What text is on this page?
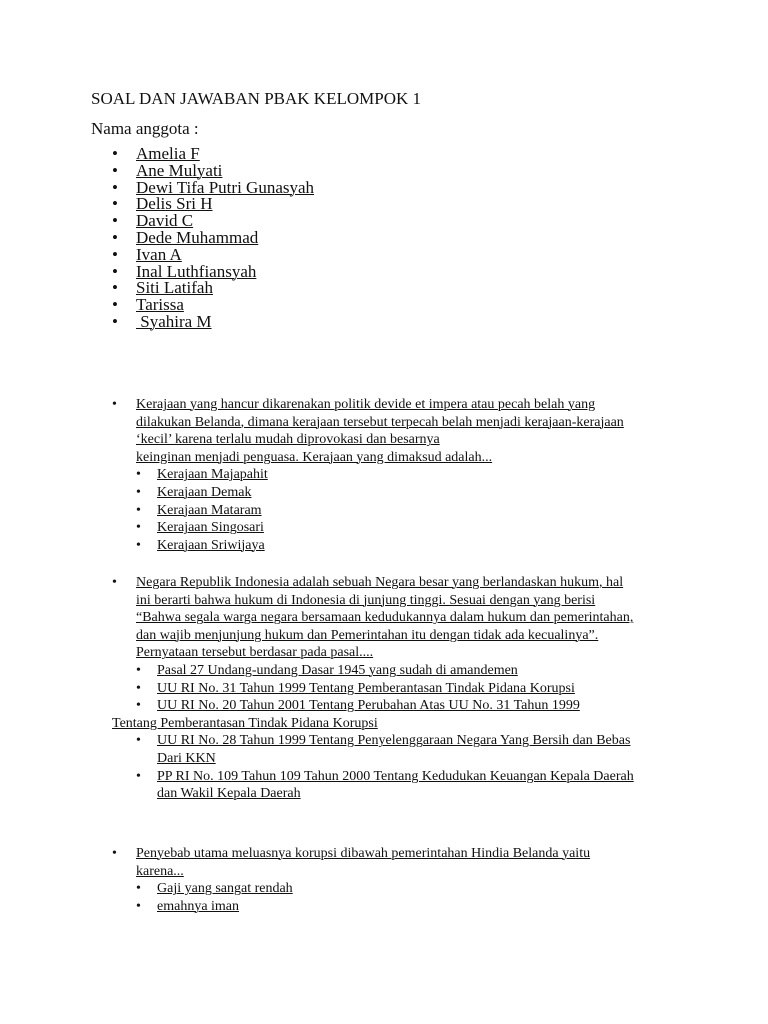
SOAL DAN JAWABAN PBAK KELOMPOK 1
Nama anggota :
• Amelia F
• Ane Mulyati
• Dewi Tifa Putri Gunasyah
• Delis Sri H
• David C
• Dede Muhammad
• Ivan A
• Inal Luthfiansyah
• Siti Latifah
• Tarissa
• Syahira M
• Kerajaan yang hancur dikarenakan politik devide et impera atau pecah belah yang
dilakukan Belanda, dimana kerajaan tersebut terpecah belah menjadi kerajaan-kerajaan
‘kecil’ karena terlalu mudah diprovokasi dan besarnya
keinginan menjadi penguasa. Kerajaan yang dimaksud adalah...
• Kerajaan Majapahit
• Kerajaan Demak
• Kerajaan Mataram
• Kerajaan Singosari
• Kerajaan Sriwijaya
• Negara Republik Indonesia adalah sebuah Negara besar yang berlandaskan hukum, hal
ini berarti bahwa hukum di Indonesia di junjung tinggi. Sesuai dengan yang berisi
“Bahwa segala warga negara bersamaan kedudukannya dalam hukum dan pemerintahan,
dan wajib menjunjung hukum dan Pemerintahan itu dengan tidak ada kecualinya”.
Pernyataan tersebut berdasar pada pasal....
• Pasal 27 Undang-undang Dasar 1945 yang sudah di amandemen
• UU RI No. 31 Tahun 1999 Tentang Pemberantasan Tindak Pidana Korupsi
• UU RI No. 20 Tahun 2001 Tentang Perubahan Atas UU No. 31 Tahun 1999
Tentang Pemberantasan Tindak Pidana Korupsi
• UU RI No. 28 Tahun 1999 Tentang Penyelenggaraan Negara Yang Bersih dan Bebas
Dari KKN
• PP RI No. 109 Tahun 109 Tahun 2000 Tentang Kedudukan Keuangan Kepala Daerah
dan Wakil Kepala Daerah
• Penyebab utama meluasnya korupsi dibawah pemerintahan Hindia Belanda yaitu
karena...
• Gaji yang sangat rendah
• emahnya iman
